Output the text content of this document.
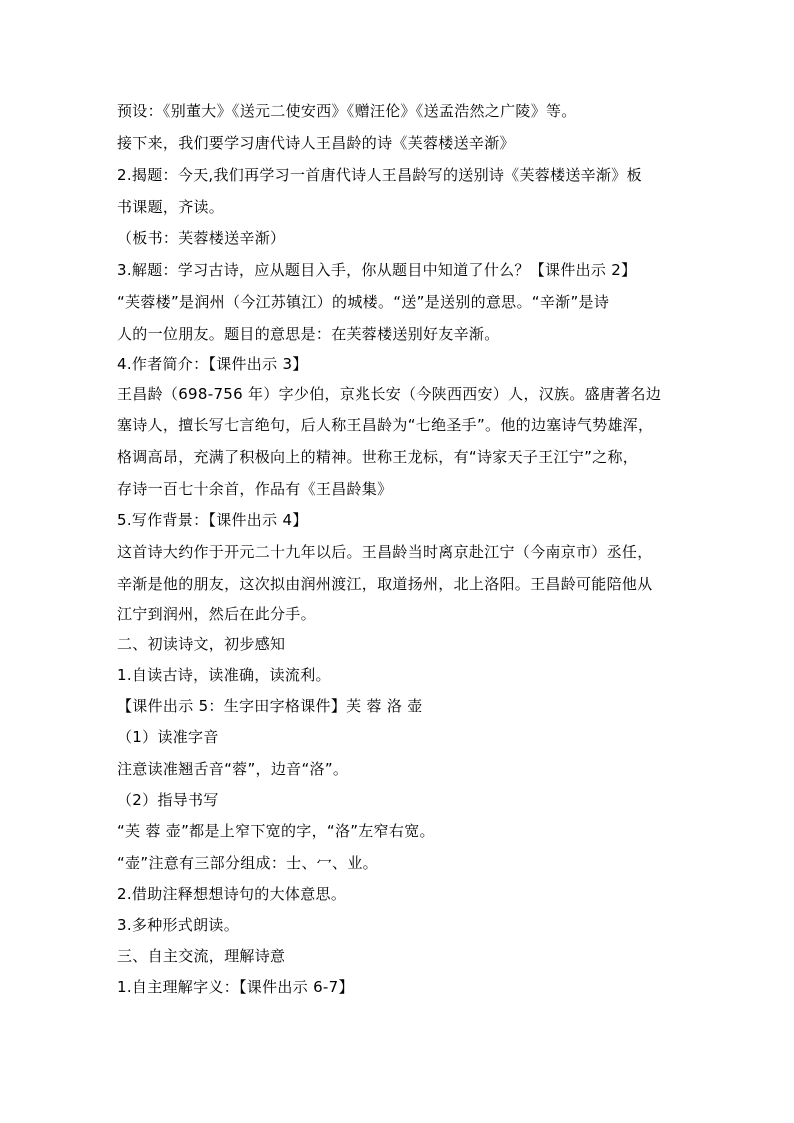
预设：《别董大》《送元二使安西》《赠汪伦》《送孟浩然之广陵》等。
接下来，我们要学习唐代诗人王昌龄的诗《芙蓉楼送辛渐》
2.揭题：今天,我们再学习一首唐代诗人王昌龄写的送别诗《芙蓉楼送辛渐》板
书课题，齐读。
（板书：芙蓉楼送辛渐）
3.解题：学习古诗，应从题目入手，你从题目中知道了什么？【课件出示 2】
“芙蓉楼”是润州（今江苏镇江）的城楼。“送”是送别的意思。“辛渐”是诗
人的一位朋友。题目的意思是：在芙蓉楼送别好友辛渐。
4.作者简介：【课件出示 3】
王昌龄（698-756 年）字少伯，京兆长安（今陕西西安）人，汉族。盛唐著名边
塞诗人，擅长写七言绝句，后人称王昌龄为“七绝圣手”。他的边塞诗气势雄浑，
格调高昂，充满了积极向上的精神。世称王龙标，有“诗家天子王江宁”之称，
存诗一百七十余首，作品有《王昌龄集》
5.写作背景：【课件出示 4】
这首诗大约作于开元二十九年以后。王昌龄当时离京赴江宁（今南京市）丞任，
辛渐是他的朋友，这次拟由润州渡江，取道扬州，北上洛阳。王昌龄可能陪他从
江宁到润州，然后在此分手。
二、初读诗文，初步感知
1.自读古诗，读准确，读流利。
【课件出示 5：生字田字格课件】芙 蓉 洛 壶
（1）读准字音
注意读准翘舌音“蓉”，边音“洛”。
（2）指导书写
“芙 蓉 壶”都是上窄下宽的字，“洛”左窄右宽。
“壶”注意有三部分组成：士、冖、业。
2.借助注释想想诗句的大体意思。
3.多种形式朗读。
三、自主交流，理解诗意
1.自主理解字义：【课件出示 6-7】
